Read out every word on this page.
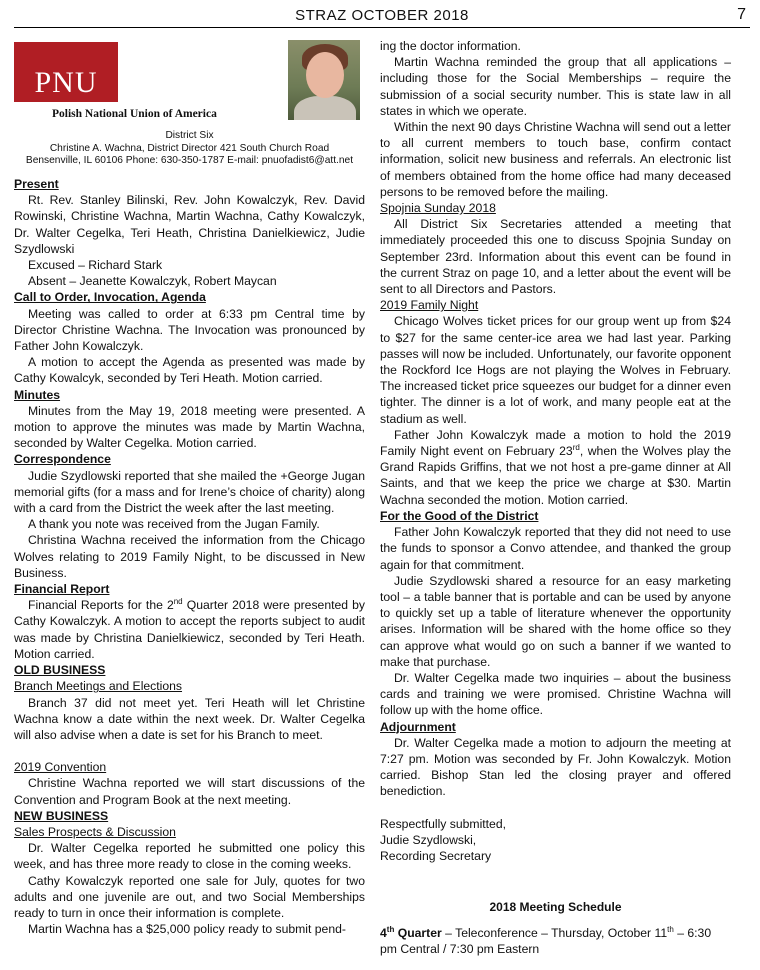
STRAZ OCTOBER 2018	7
PNU
Polish National Union of America
District Six
Christine A. Wachna, District Director 421 South Church Road
Bensenville, IL 60106 Phone: 630-350-1787 E-mail: pnuofadist6@att.net

Present

Rt. Rev. Stanley Bilinski, Rev. John Kowalczyk, Rev. David Rowinski, Christine Wachna, Martin Wachna, Cathy Kowalczyk, Dr. Walter Cegelka, Teri Heath, Christina Danielkiewicz, Judie Szydlowski

Excused – Richard Stark

Absent – Jeanette Kowalczyk, Robert Maycan

Call to Order, Invocation, Agenda

Meeting was called to order at 6:33 pm Central time by Director Christine Wachna. The Invocation was pronounced by Father John Kowalczyk.

A motion to accept the Agenda as presented was made by Cathy Kowalcyk, seconded by Teri Heath. Motion carried.

Minutes

Minutes from the May 19, 2018 meeting were presented. A motion to approve the minutes was made by Martin Wachna, seconded by Walter Cegelka. Motion carried.

Correspondence

Judie Szydlowski reported that she mailed the +George Jugan memorial gifts (for a mass and for Irene’s choice of charity) along with a card from the District the week after the last meeting.

A thank you note was received from the Jugan Family.

Christina Wachna received the information from the Chicago Wolves relating to 2019 Family Night, to be discussed in New Business.

Financial Report

Financial Reports for the 2nd Quarter 2018 were presented by Cathy Kowalczyk. A motion to accept the reports subject to audit was made by Christina Danielkiewicz, seconded by Teri Heath. Motion carried.

OLD BUSINESS

Branch Meetings and Elections

Branch 37 did not meet yet. Teri Heath will let Christine Wachna know a date within the next week. Dr. Walter Cegelka will also advise when a date is set for his Branch to meet.

2019 Convention

Christine Wachna reported we will start discussions of the Convention and Program Book at the next meeting.

NEW BUSINESS

Sales Prospects & Discussion

Dr. Walter Cegelka reported he submitted one policy this week, and has three more ready to close in the coming weeks.

Cathy Kowalczyk reported one sale for July, quotes for two adults and one juvenile are out, and two Social Memberships ready to turn in once their information is complete.

Martin Wachna has a $25,000 policy ready to submit pend-

ing the doctor information.

Martin Wachna reminded the group that all applications – including those for the Social Memberships – require the submission of a social security number. This is state law in all states in which we operate.

Within the next 90 days Christine Wachna will send out a letter to all current members to touch base, confirm contact information, solicit new business and referrals. An electronic list of members obtained from the home office had many deceased persons to be removed before the mailing.

Spojnia Sunday 2018

All District Six Secretaries attended a meeting that immediately proceeded this one to discuss Spojnia Sunday on September 23rd. Information about this event can be found in the current Straz on page 10, and a letter about the event will be sent to all Directors and Pastors.

2019 Family Night

Chicago Wolves ticket prices for our group went up from $24 to $27 for the same center-ice area we had last year. Parking passes will now be included. Unfortunately, our favorite opponent the Rockford Ice Hogs are not playing the Wolves in February. The increased ticket price squeezes our budget for a dinner even tighter. The dinner is a lot of work, and many people eat at the stadium as well.

Father John Kowalczyk made a motion to hold the 2019 Family Night event on February 23rd, when the Wolves play the Grand Rapids Griffins, that we not host a pre-game dinner at All Saints, and that we keep the price we charge at $30. Martin Wachna seconded the motion. Motion carried.

For the Good of the District

Father John Kowalczyk reported that they did not need to use the funds to sponsor a Convo attendee, and thanked the group again for that commitment.

Judie Szydlowski shared a resource for an easy marketing tool – a table banner that is portable and can be used by anyone to quickly set up a table of literature whenever the opportunity arises. Information will be shared with the home office so they can approve what would go on such a banner if we wanted to make that purchase.

Dr. Walter Cegelka made two inquiries – about the business cards and training we were promised. Christine Wachna will follow up with the home office.

Adjournment

Dr. Walter Cegelka made a motion to adjourn the meeting at 7:27 pm. Motion was seconded by Fr. John Kowalczyk. Motion carried. Bishop Stan led the closing prayer and offered benediction.

Respectfully submitted,

Judie Szydlowski,

Recording Secretary

2018 Meeting Schedule
4th Quarter – Teleconference – Thursday, October 11th – 6:30 pm Central / 7:30 pm Eastern
